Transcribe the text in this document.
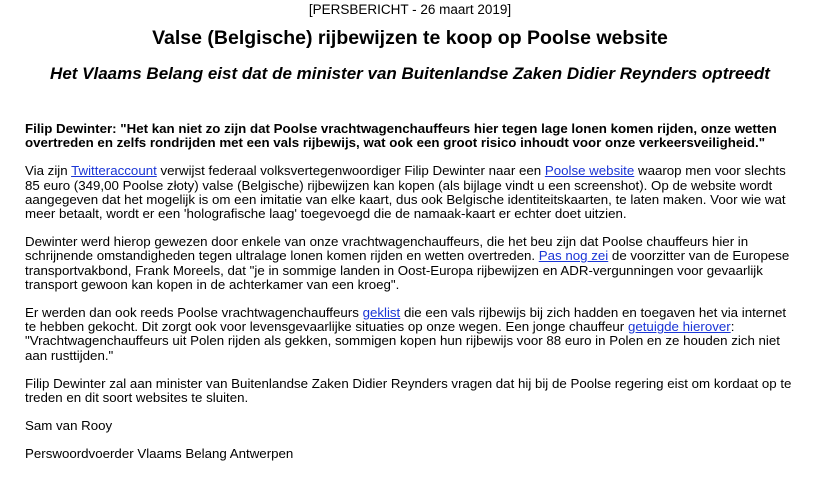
[PERSBERICHT - 26 maart 2019]
Valse (Belgische) rijbewijzen te koop op Poolse website
Het Vlaams Belang eist dat de minister van Buitenlandse Zaken Didier Reynders optreedt

Filip Dewinter: "Het kan niet zo zijn dat Poolse vrachtwagenchauffeurs hier tegen lage lonen komen rijden, onze wetten overtreden en zelfs rondrijden met een vals rijbewijs, wat ook een groot risico inhoudt voor onze verkeersveiligheid."

Via zijn Twitteraccount verwijst federaal volksvertegenwoordiger Filip Dewinter naar een Poolse website waarop men voor slechts 85 euro (349,00 Poolse złoty) valse (Belgische) rijbewijzen kan kopen (als bijlage vindt u een screenshot). Op de website wordt aangegeven dat het mogelijk is om een imitatie van elke kaart, dus ook Belgische identiteitskaarten, te laten maken. Voor wie wat meer betaalt, wordt er een 'holografische laag' toegevoegd die de namaak-kaart er echter doet uitzien.

Dewinter werd hierop gewezen door enkele van onze vrachtwagenchauffeurs, die het beu zijn dat Poolse chauffeurs hier in schrijnende omstandigheden tegen ultralage lonen komen rijden en wetten overtreden. Pas nog zei de voorzitter van de Europese transportvakbond, Frank Moreels, dat "je in sommige landen in Oost-Europa rijbewijzen en ADR-vergunningen voor gevaarlijk transport gewoon kan kopen in de achterkamer van een kroeg".

Er werden dan ook reeds Poolse vrachtwagenchauffeurs geklist die een vals rijbewijs bij zich hadden en toegaven het via internet te hebben gekocht. Dit zorgt ook voor levensgevaarlijke situaties op onze wegen. Een jonge chauffeur getuigde hierover: "Vrachtwagenchauffeurs uit Polen rijden als gekken, sommigen kopen hun rijbewijs voor 88 euro in Polen en ze houden zich niet aan rusttijden."

Filip Dewinter zal aan minister van Buitenlandse Zaken Didier Reynders vragen dat hij bij de Poolse regering eist om kordaat op te treden en dit soort websites te sluiten.

Sam van Rooy

Perswoordvoerder Vlaams Belang Antwerpen
